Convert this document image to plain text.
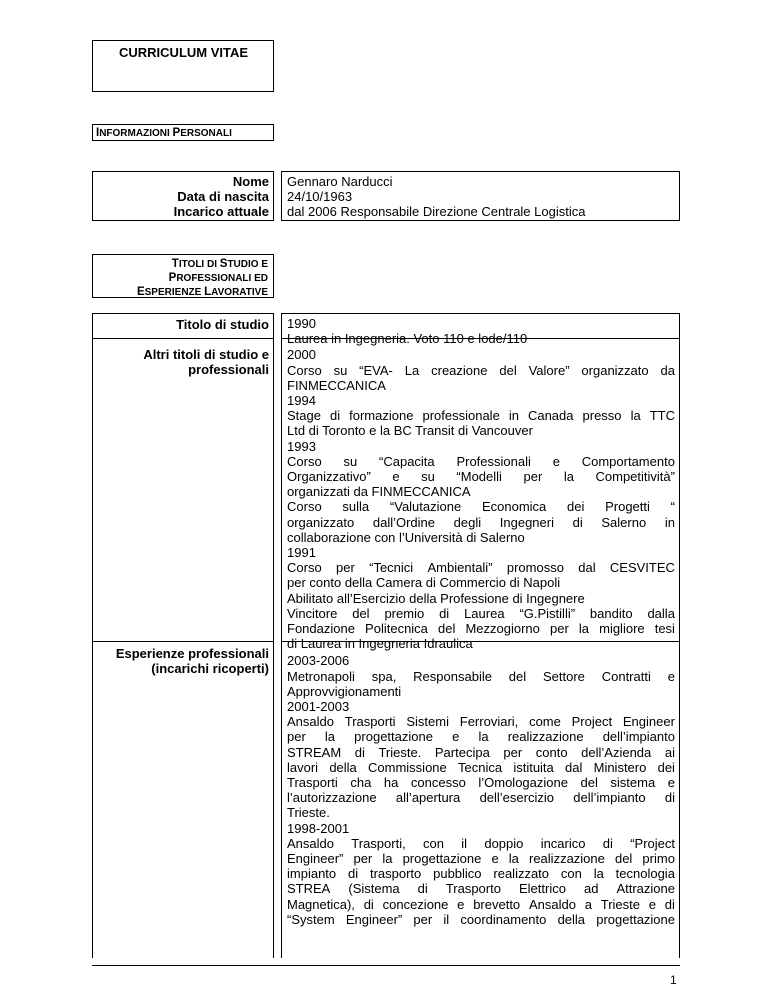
CURRICULUM VITAE
INFORMAZIONI PERSONALI
Nome
Data di nascita
Incarico attuale
Gennaro Narducci
24/10/1963
dal 2006 Responsabile Direzione Centrale Logistica
TITOLI DI STUDIO E
PROFESSIONALI ED
ESPERIENZE LAVORATIVE
Titolo di studio
Altri titoli di studio e
professionali
Esperienze professionali
(incarichi ricoperti)
1990
Laurea in Ingegneria. Voto 110 e lode/110
2000
Corso su “EVA- La creazione del Valore” organizzato da
FINMECCANICA
1994
Stage di formazione professionale in Canada presso la TTC
Ltd di Toronto e la BC Transit di Vancouver
1993
Corso su “Capacita Professionali e Comportamento
Organizzativo” e su “Modelli per la Competitività”
organizzati da FINMECCANICA
Corso sulla “Valutazione Economica dei Progetti “
organizzato dall’Ordine degli Ingegneri di Salerno in
collaborazione con l’Università di Salerno
1991
Corso per “Tecnici Ambientali” promosso dal CESVITEC
per conto della Camera di Commercio di Napoli
Abilitato all’Esercizio della Professione di Ingegnere
Vincitore del premio di Laurea “G.Pistilli” bandito dalla
Fondazione Politecnica del Mezzogiorno per la migliore tesi
di Laurea in Ingegneria Idraulica
2003-2006
Metronapoli spa, Responsabile del Settore Contratti e
Approvvigionamenti
2001-2003
Ansaldo Trasporti Sistemi Ferroviari, come Project Engineer
per la progettazione e la realizzazione dell’impianto
STREAM di Trieste. Partecipa per conto dell’Azienda ai
lavori della Commissione Tecnica istituita dal Ministero dei
Trasporti cha ha concesso l’Omologazione del sistema e
l’autorizzazione all’apertura dell’esercizio dell’impianto di
Trieste.
1998-2001
Ansaldo Trasporti, con il doppio incarico di “Project
Engineer” per la progettazione e la realizzazione del primo
impianto di trasporto pubblico realizzato con la tecnologia
STREA (Sistema di Trasporto Elettrico ad Attrazione
Magnetica), di concezione e brevetto Ansaldo a Trieste e di
“System Engineer” per il coordinamento della progettazione
1
